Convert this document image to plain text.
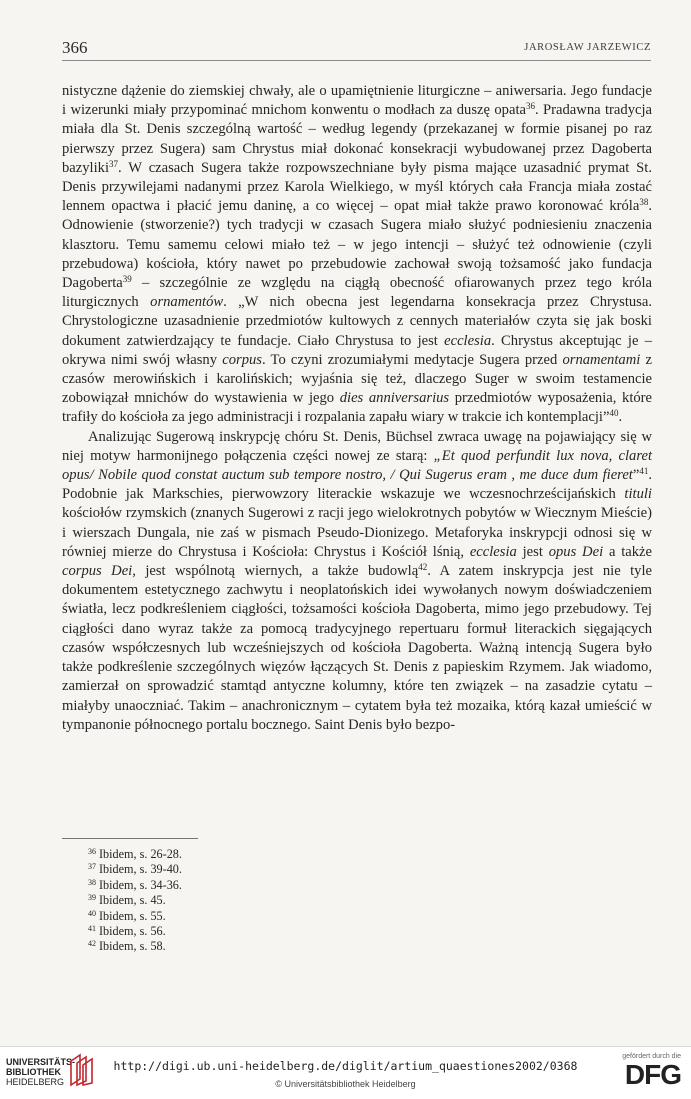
366	JAROSŁAW JARZEWICZ

nistyczne dążenie do ziemskiej chwały, ale o upamiętnienie liturgiczne – aniwersaria. Jego fundacje i wizerunki miały przypominać mnichom konwentu o modłach za duszę opata$^{36}$. Pradawna tradycja miała dla St. Denis szczególną wartość – według legendy (przekazanej w formie pisanej po raz pierwszy przez Sugera) sam Chrystus miał dokonać konsekracji wybudowanej przez Dagoberta bazyliki$^{37}$. W czasach Sugera także rozpowszechniane były pisma mające uzasadnić prymat St. Denis przywilejami nadanymi przez Karola Wielkiego, w myśl których cała Francja miała zostać lennem opactwa i płacić jemu daninę, a co więcej – opat miał także prawo koronować króla$^{38}$. Odnowienie (stworzenie?) tych tradycji w czasach Sugera miało służyć podniesieniu znaczenia klasztoru. Temu samemu celowi miało też – w jego intencji – służyć też odnowienie (czyli przebudowa) kościoła, który nawet po przebudowie zachował swoją tożsamość jako fundacja Dagoberta$^{39}$ – szczególnie ze względu na ciągłą obecność ofiarowanych przez tego króla liturgicznych ornamentów. „W nich obecna jest legendarna konsekracja przez Chrystusa. Chrystologiczne uzasadnienie przedmiotów kultowych z cennych materiałów czyta się jak boski dokument zatwierdzający te fundacje. Ciało Chrystusa to jest ecclesia. Chrystus akceptując je – okrywa nimi swój własny corpus. To czyni zrozumiałymi medytacje Sugera przed ornamentami z czasów merowińskich i karolińskich; wyjaśnia się też, dlaczego Suger w swoim testamencie zobowiązał mnichów do wystawienia w jego dies anniversarius przedmiotów wyposażenia, które trafiły do kościoła za jego administracji i rozpalania zapału wiary w trakcie ich kontemplacji”$^{40}$.

Analizując Sugerową inskrypcję chóru St. Denis, Büchsel zwraca uwagę na pojawiający się w niej motyw harmonijnego połączenia części nowej ze starą: „Et quod perfundit lux nova, claret opus/ Nobile quod constat auctum sub tempore nostro, / Qui Sugerus eram , me duce dum fieret”$^{41}$. Podobnie jak Markschies, pierwowzory literackie wskazuje we wczesnochrześcijańskich tituli kościołów rzymskich (znanych Sugerowi z racji jego wielokrotnych pobytów w Wiecznym Mieście) i wierszach Dungala, nie zaś w pismach Pseudo-Dionizego. Metaforyka inskrypcji odnosi się w równiej mierze do Chrystusa i Kościoła: Chrystus i Kościół lśnią, ecclesia jest opus Dei a także corpus Dei, jest wspólnotą wiernych, a także budowlą$^{42}$. A zatem inskrypcja jest nie tyle dokumentem estetycznego zachwytu i neoplatońskich idei wywołanych nowym doświadczeniem światła, lecz podkreśleniem ciągłości, tożsamości kościoła Dagoberta, mimo jego przebudowy. Tej ciągłości dano wyraz także za pomocą tradycyjnego repertuaru formuł literackich sięgających czasów współczesnych lub wcześniejszych od kościoła Dagoberta. Ważną intencją Sugera było także podkreślenie szczególnych więzów łączących St. Denis z papieskim Rzymem. Jak wiadomo, zamierzał on sprowadzić stamtąd antyczne kolumny, które ten związek – na zasadzie cytatu – miałyby unaoczniać. Takim – anachronicznym – cytatem była też mozaika, którą kazał umieścić w tympanonie północnego portalu bocznego. Saint Denis było bezpo-

$^{36}$ Ibidem, s. 26-28.
$^{37}$ Ibidem, s. 39-40.
$^{38}$ Ibidem, s. 34-36.
$^{39}$ Ibidem, s. 45.
$^{40}$ Ibidem, s. 55.
$^{41}$ Ibidem, s. 56.
$^{42}$ Ibidem, s. 58.
UNIVERSITÄTS-
BIBLIOTHEK
HEIDELBERG
http://digi.ub.uni-heidelberg.de/diglit/artium_quaestiones2002/0368
© Universitätsbibliothek Heidelberg
gefördert durch die
DFG
